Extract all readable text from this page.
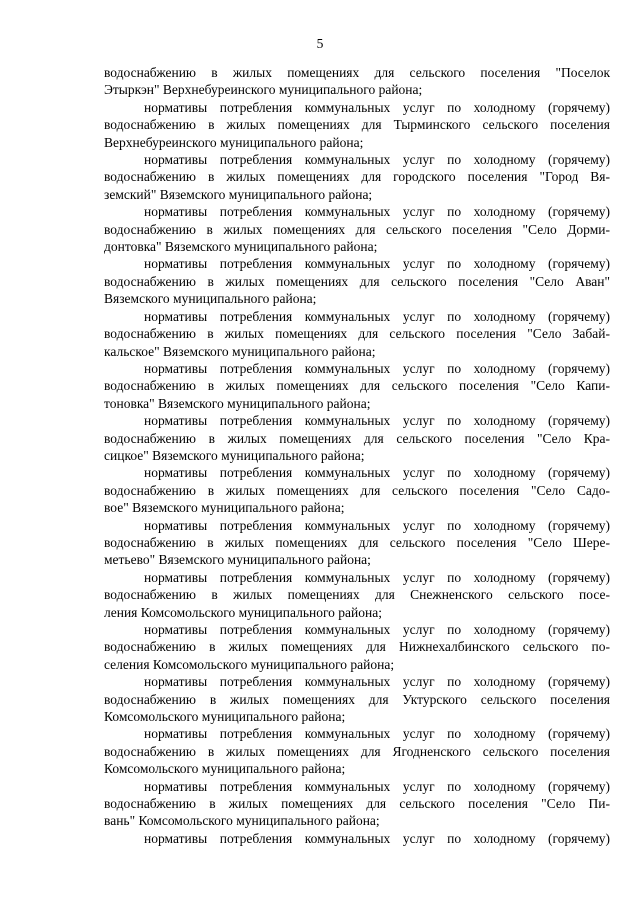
5

водоснабжению в жилых помещениях для сельского поселения "Поселок
Этыркэн" Верхнебуреинского муниципального района;

нормативы потребления коммунальных услуг по холодному (горячему)
водоснабжению в жилых помещениях для Тырминского сельского поселения
Верхнебуреинского муниципального района;

нормативы потребления коммунальных услуг по холодному (горячему)
водоснабжению в жилых помещениях для городского поселения "Город Вя-
земский" Вяземского муниципального района;

нормативы потребления коммунальных услуг по холодному (горячему)
водоснабжению в жилых помещениях для сельского поселения "Село Дорми-
донтовка" Вяземского муниципального района;

нормативы потребления коммунальных услуг по холодному (горячему)
водоснабжению в жилых помещениях для сельского поселения "Село Аван"
Вяземского муниципального района;

нормативы потребления коммунальных услуг по холодному (горячему)
водоснабжению в жилых помещениях для сельского поселения "Село Забай-
кальское" Вяземского муниципального района;

нормативы потребления коммунальных услуг по холодному (горячему)
водоснабжению в жилых помещениях для сельского поселения "Село Капи-
тоновка" Вяземского муниципального района;

нормативы потребления коммунальных услуг по холодному (горячему)
водоснабжению в жилых помещениях для сельского поселения "Село Кра-
сицкое" Вяземского муниципального района;

нормативы потребления коммунальных услуг по холодному (горячему)
водоснабжению в жилых помещениях для сельского поселения "Село Садо-
вое" Вяземского муниципального района;

нормативы потребления коммунальных услуг по холодному (горячему)
водоснабжению в жилых помещениях для сельского поселения "Село Шере-
метьево" Вяземского муниципального района;

нормативы потребления коммунальных услуг по холодному (горячему)
водоснабжению в жилых помещениях для Снежненского сельского посе-
ления Комсомольского муниципального района;

нормативы потребления коммунальных услуг по холодному (горячему)
водоснабжению в жилых помещениях для Нижнехалбинского сельского по-
селения Комсомольского муниципального района;

нормативы потребления коммунальных услуг по холодному (горячему)
водоснабжению в жилых помещениях для Уктурского сельского поселения
Комсомольского муниципального района;

нормативы потребления коммунальных услуг по холодному (горячему)
водоснабжению в жилых помещениях для Ягодненского сельского поселения
Комсомольского муниципального района;

нормативы потребления коммунальных услуг по холодному (горячему)
водоснабжению в жилых помещениях для сельского поселения "Село Пи-
вань" Комсомольского муниципального района;

нормативы потребления коммунальных услуг по холодному (горячему)
